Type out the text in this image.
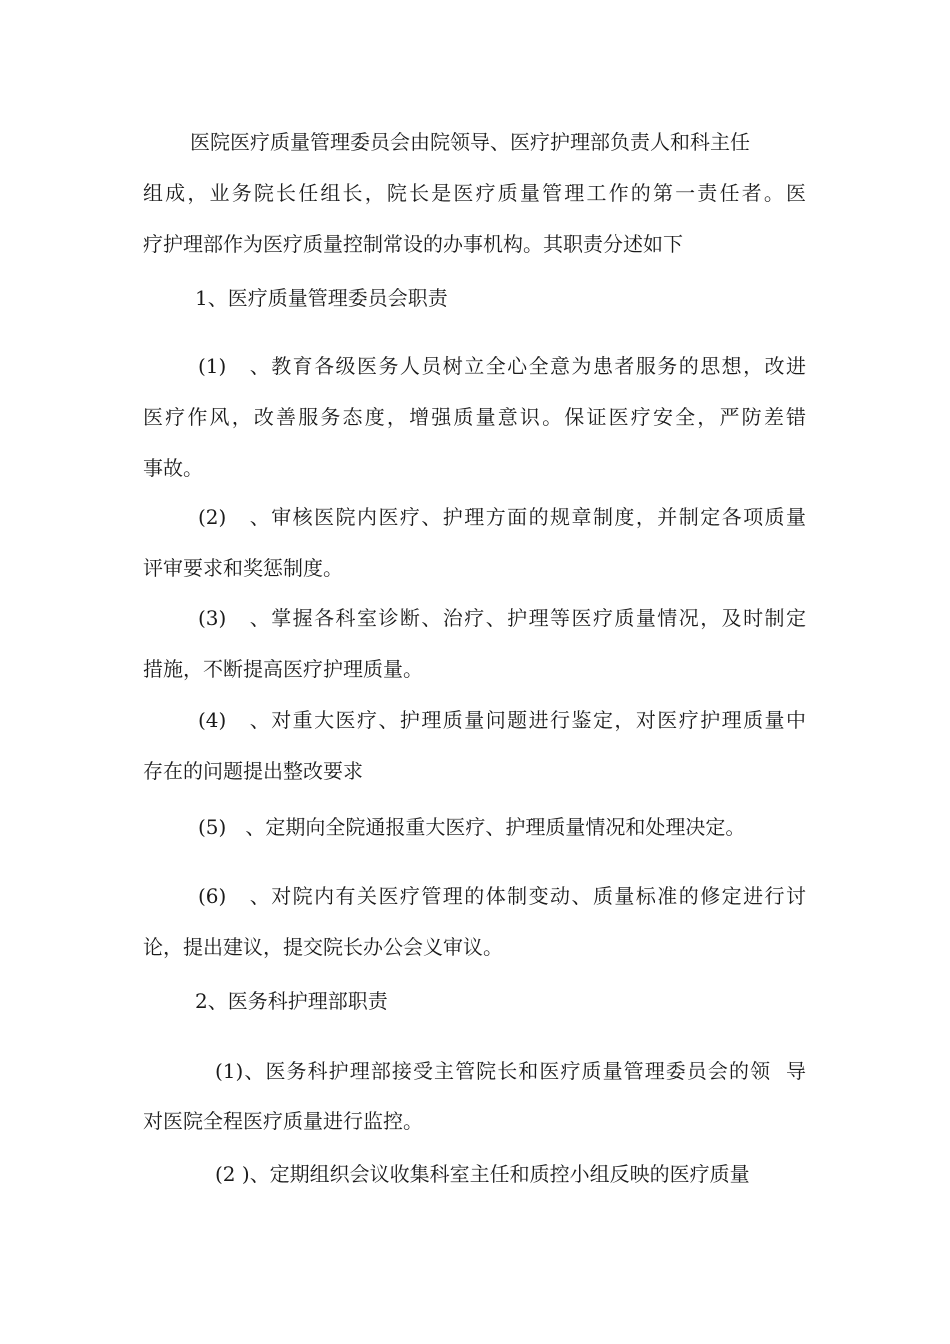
医院医疗质量管理委员会由院领导、医疗护理部负责人和科主任
组成，业务院长任组长，院长是医疗质量管理工作的第一责任者。医
疗护理部作为医疗质量控制常设的办事机构。其职责分述如下
1、医疗质量管理委员会职责
(1)   、教育各级医务人员树立全心全意为患者服务的思想，改进
医疗作风，改善服务态度，增强质量意识。保证医疗安全，严防差错
事故。
(2)   、审核医院内医疗、护理方面的规章制度，并制定各项质量
评审要求和奖惩制度。
(3)   、掌握各科室诊断、治疗、护理等医疗质量情况，及时制定
措施，不断提高医疗护理质量。
(4)   、对重大医疗、护理质量问题进行鉴定，对医疗护理质量中
存在的问题提出整改要求
(5)   、定期向全院通报重大医疗、护理质量情况和处理决定。
(6)   、对院内有关医疗管理的体制变动、质量标准的修定进行讨
论，提出建议，提交院长办公会义审议。
2、医务科护理部职责
(1)、医务科护理部接受主管院长和医疗质量管理委员会的领  导
对医院全程医疗质量进行监控。
(2 )、定期组织会议收集科室主任和质控小组反映的医疗质量
